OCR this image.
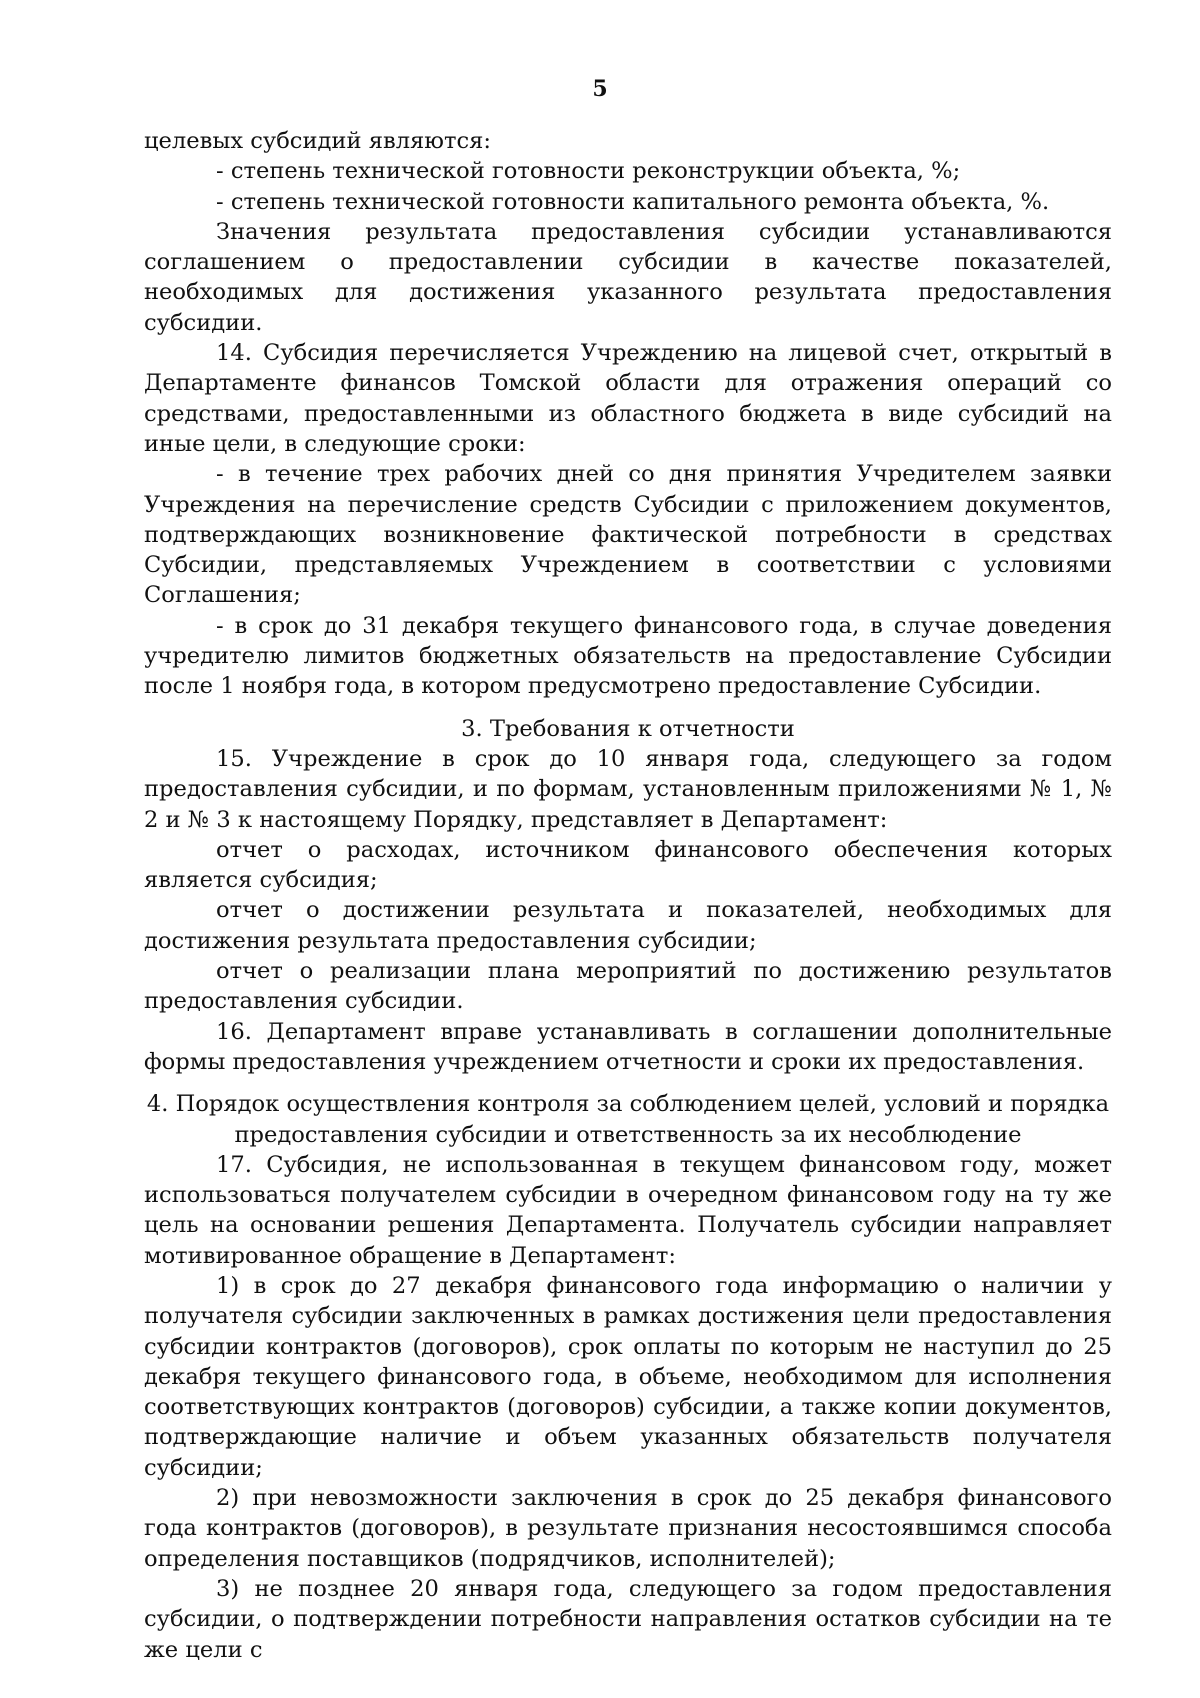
5

целевых субсидий являются:

- степень технической готовности реконструкции объекта, %;

- степень технической готовности капитального ремонта объекта, %.

Значения результата предоставления субсидии устанавливаются соглашением о предоставлении субсидии в качестве показателей, необходимых для достижения указанного результата предоставления субсидии.

14. Субсидия перечисляется Учреждению на лицевой счет, открытый в Департаменте финансов Томской области для отражения операций со средствами, предоставленными из областного бюджета в виде субсидий на иные цели, в следующие сроки:

- в течение трех рабочих дней со дня принятия Учредителем заявки Учреждения на перечисление средств Субсидии с приложением документов, подтверждающих возникновение фактической потребности в средствах Субсидии, представляемых Учреждением в соответствии с условиями Соглашения;

- в срок до 31 декабря текущего финансового года, в случае доведения учредителю лимитов бюджетных обязательств на предоставление Субсидии после 1 ноября года, в котором предусмотрено предоставление Субсидии.

3. Требования к отчетности

15. Учреждение в срок до 10 января года, следующего за годом предоставления субсидии, и по формам, установленным приложениями № 1, № 2 и № 3 к настоящему Порядку, представляет в Департамент:

отчет о расходах, источником финансового обеспечения которых является субсидия;

отчет о достижении результата и показателей, необходимых для достижения результата предоставления субсидии;

отчет о реализации плана мероприятий по достижению результатов предоставления субсидии.

16. Департамент вправе устанавливать в соглашении дополнительные формы предоставления учреждением отчетности и сроки их предоставления.

4. Порядок осуществления контроля за соблюдением целей, условий и порядка
предоставления субсидии и ответственность за их несоблюдение

17. Субсидия, не использованная в текущем финансовом году, может использоваться получателем субсидии в очередном финансовом году на ту же цель на основании решения Департамента. Получатель субсидии направляет мотивированное обращение в Департамент:

1) в срок до 27 декабря финансового года информацию о наличии у получателя субсидии заключенных в рамках достижения цели предоставления субсидии контрактов (договоров), срок оплаты по которым не наступил до 25 декабря текущего финансового года, в объеме, необходимом для исполнения соответствующих контрактов (договоров) субсидии, а также копии документов, подтверждающие наличие и объем указанных обязательств получателя субсидии;

2) при невозможности заключения в срок до 25 декабря финансового года контрактов (договоров), в результате признания несостоявшимся способа определения поставщиков (подрядчиков, исполнителей);

3) не позднее 20 января года, следующего за годом предоставления субсидии, о подтверждении потребности направления остатков субсидии на те же цели с
